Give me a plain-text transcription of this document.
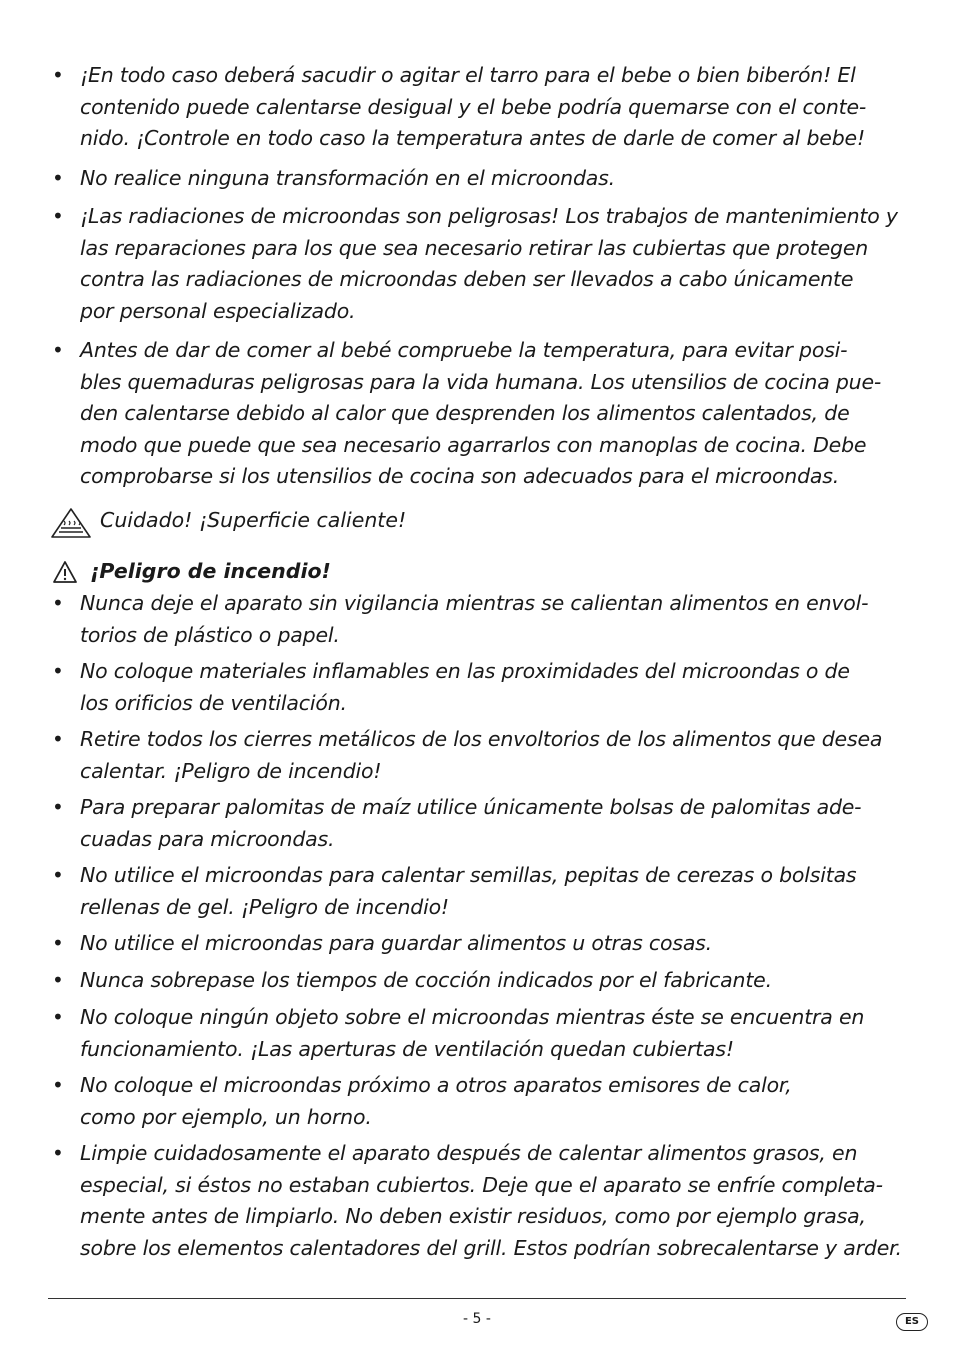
• ¡En todo caso deberá sacudir o agitar el tarro para el bebe o bien biberón! El
contenido puede calentarse desigual y el bebe podría quemarse con el conte-
nido. ¡Controle en todo caso la temperatura antes de darle de comer al bebe!
• No realice ninguna transformación en el microondas.
• ¡Las radiaciones de microondas son peligrosas! Los trabajos de mantenimiento y
las reparaciones para los que sea necesario retirar las cubiertas que protegen
contra las radiaciones de microondas deben ser llevados a cabo únicamente
por personal especializado.
• Antes de dar de comer al bebé compruebe la temperatura, para evitar posi-
bles quemaduras peligrosas para la vida humana. Los utensilios de cocina pue-
den calentarse debido al calor que desprenden los alimentos calentados, de
modo que puede que sea necesario agarrarlos con manoplas de cocina. Debe
comprobarse si los utensilios de cocina son adecuados para el microondas.
Cuidado! ¡Superficie caliente!
¡Peligro de incendio!
• Nunca deje el aparato sin vigilancia mientras se calientan alimentos en envol-
torios de plástico o papel.
• No coloque materiales inflamables en las proximidades del microondas o de
los orificios de ventilación.
• Retire todos los cierres metálicos de los envoltorios de los alimentos que desea
calentar. ¡Peligro de incendio!
• Para preparar palomitas de maíz utilice únicamente bolsas de palomitas ade-
cuadas para microondas.
• No utilice el microondas para calentar semillas, pepitas de cerezas o bolsitas
rellenas de gel. ¡Peligro de incendio!
• No utilice el microondas para guardar alimentos u otras cosas.
• Nunca sobrepase los tiempos de cocción indicados por el fabricante.
• No coloque ningún objeto sobre el microondas mientras éste se encuentra en
funcionamiento. ¡Las aperturas de ventilación quedan cubiertas!
• No coloque el microondas próximo a otros aparatos emisores de calor,
como por ejemplo, un horno.
• Limpie cuidadosamente el aparato después de calentar alimentos grasos, en
especial, si éstos no estaban cubiertos. Deje que el aparato se enfríe completa-
mente antes de limpiarlo. No deben existir residuos, como por ejemplo grasa,
sobre los elementos calentadores del grill. Estos podrían sobrecalentarse y arder.
- 5 -	ES
